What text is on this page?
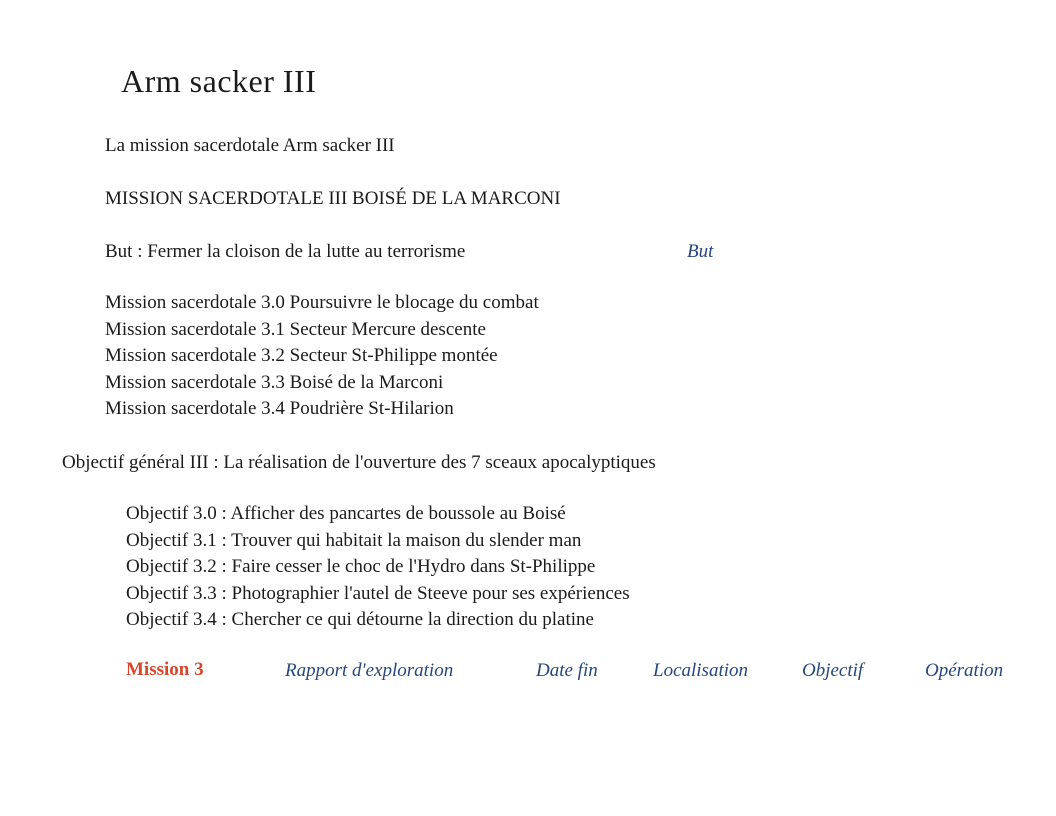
Arm sacker III
La mission sacerdotale Arm sacker III
MISSION SACERDOTALE III BOISÉ DE LA MARCONI
But : Fermer la cloison de la lutte au terrorisme	But
Mission sacerdotale 3.0 Poursuivre le blocage du combat
Mission sacerdotale 3.1 Secteur Mercure descente
Mission sacerdotale 3.2 Secteur St-Philippe montée
Mission sacerdotale 3.3 Boisé de la Marconi
Mission sacerdotale 3.4 Poudrière St-Hilarion
Objectif général III : La réalisation de l'ouverture des 7 sceaux apocalyptiques
Objectif 3.0 : Afficher des pancartes de boussole au Boisé
Objectif 3.1 : Trouver qui habitait la maison du slender man
Objectif 3.2 : Faire cesser le choc de l'Hydro dans St-Philippe
Objectif 3.3 : Photographier l'autel de Steeve pour ses expériences
Objectif 3.4 : Chercher ce qui détourne la direction du platine
Mission 3	Rapport d'exploration	Date fin	Localisation	Objectif	Opération
